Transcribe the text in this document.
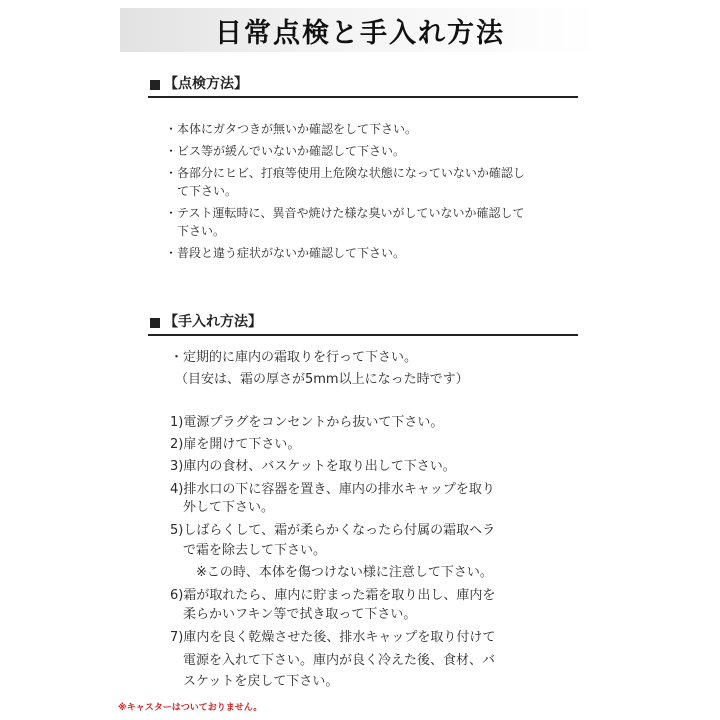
日常点検と手入れ方法
【点検方法】
・本体にガタつきが無いか確認をして下さい。
・ビス等が緩んでいないか確認して下さい。
・各部分にヒビ、打痕等使用上危険な状態になっていないか確認し
　て下さい。
・テスト運転時に、異音や焼けた様な臭いがしていないか確認して
　下さい。
・普段と違う症状がないか確認して下さい。
【手入れ方法】
・定期的に庫内の霜取りを行って下さい。
（目安は、霜の厚さが5mm以上になった時です）
1)電源プラグをコンセントから抜いて下さい。
2)扉を開けて下さい。
3)庫内の食材、バスケットを取り出して下さい。
4)排水口の下に容器を置き、庫内の排水キャップを取り
　外して下さい。
5)しばらくして、霜が柔らかくなったら付属の霜取ヘラ
　で霜を除去して下さい。
　　※この時、本体を傷つけない様に注意して下さい。
6)霜が取れたら、庫内に貯まった霜を取り出し、庫内を
　柔らかいフキン等で拭き取って下さい。
7)庫内を良く乾燥させた後、排水キャップを取り付けて
　電源を入れて下さい。庫内が良く冷えた後、食材、バ
　スケットを戻して下さい。
※キャスターはついておりません。
